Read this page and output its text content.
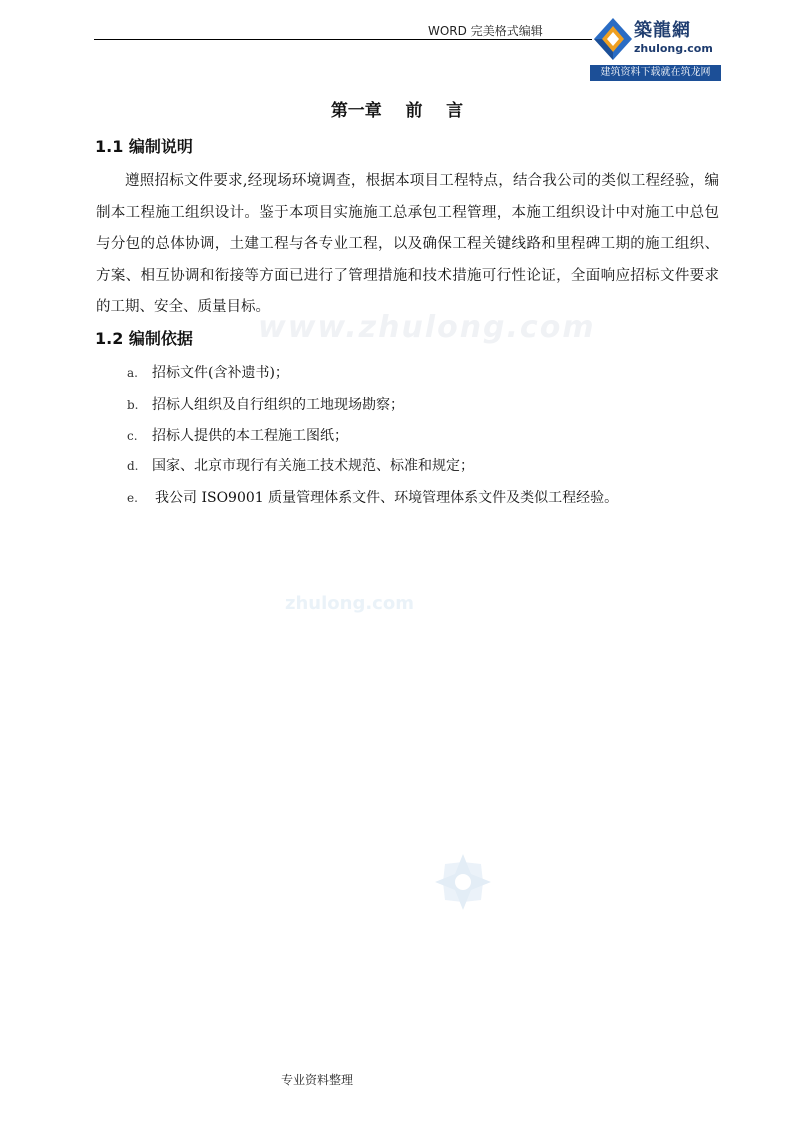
WORD 完美格式编辑	築龍網
zhulong.com
建筑资料下载就在筑龙网
www.zhulong.com
zhulong.com
第一章    前    言
1.1 编制说明
遵照招标文件要求,经现场环境调查，根据本项目工程特点，结合我公司的类似工程经验，编制本工程施工组织设计。鉴于本项目实施施工总承包工程管理，本施工组织设计中对施工中总包与分包的总体协调，土建工程与各专业工程，以及确保工程关键线路和里程碑工期的施工组织、方案、相互协调和衔接等方面已进行了管理措施和技术措施可行性论证，全面响应招标文件要求的工期、安全、质量目标。
1.2 编制依据
a. 招标文件(含补遗书)；
b. 招标人组织及自行组织的工地现场勘察；
c. 招标人提供的本工程施工图纸；
d. 国家、北京市现行有关施工技术规范、标准和规定；
e. 我公司 ISO9001 质量管理体系文件、环境管理体系文件及类似工程经验。
专业资料整理
